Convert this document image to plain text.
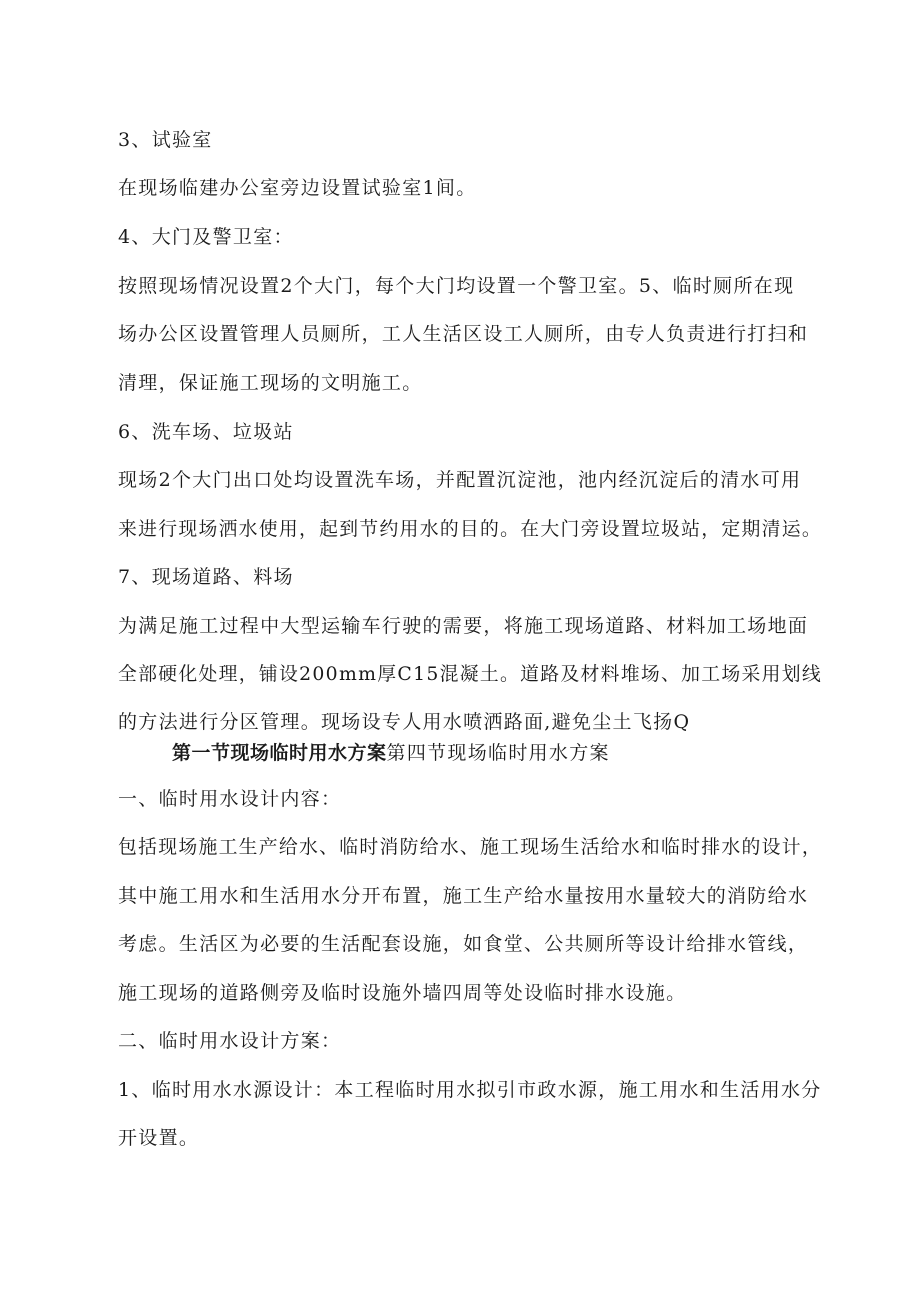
3、试验室
在现场临建办公室旁边设置试验室1间。
4、大门及警卫室：
按照现场情况设置2个大门，每个大门均设置一个警卫室。5、临时厕所在现
场办公区设置管理人员厕所，工人生活区设工人厕所，由专人负责进行打扫和
清理，保证施工现场的文明施工。
6、洗车场、垃圾站
现场2个大门出口处均设置洗车场，并配置沉淀池，池内经沉淀后的清水可用
来进行现场洒水使用，起到节约用水的目的。在大门旁设置垃圾站，定期清运。
7、现场道路、料场
为满足施工过程中大型运输车行驶的需要，将施工现场道路、材料加工场地面
全部硬化处理，铺设200mm厚C15混凝土。道路及材料堆场、加工场采用划线
的方法进行分区管理。现场设专人用水喷洒路面,避免尘土飞扬Q
第一节现场临时用水方案第四节现场临时用水方案
一、临时用水设计内容：
包括现场施工生产给水、临时消防给水、施工现场生活给水和临时排水的设计，
其中施工用水和生活用水分开布置，施工生产给水量按用水量较大的消防给水
考虑。生活区为必要的生活配套设施，如食堂、公共厕所等设计给排水管线，
施工现场的道路侧旁及临时设施外墙四周等处设临时排水设施。
二、临时用水设计方案：
1、临时用水水源设计：本工程临时用水拟引市政水源，施工用水和生活用水分
开设置。
